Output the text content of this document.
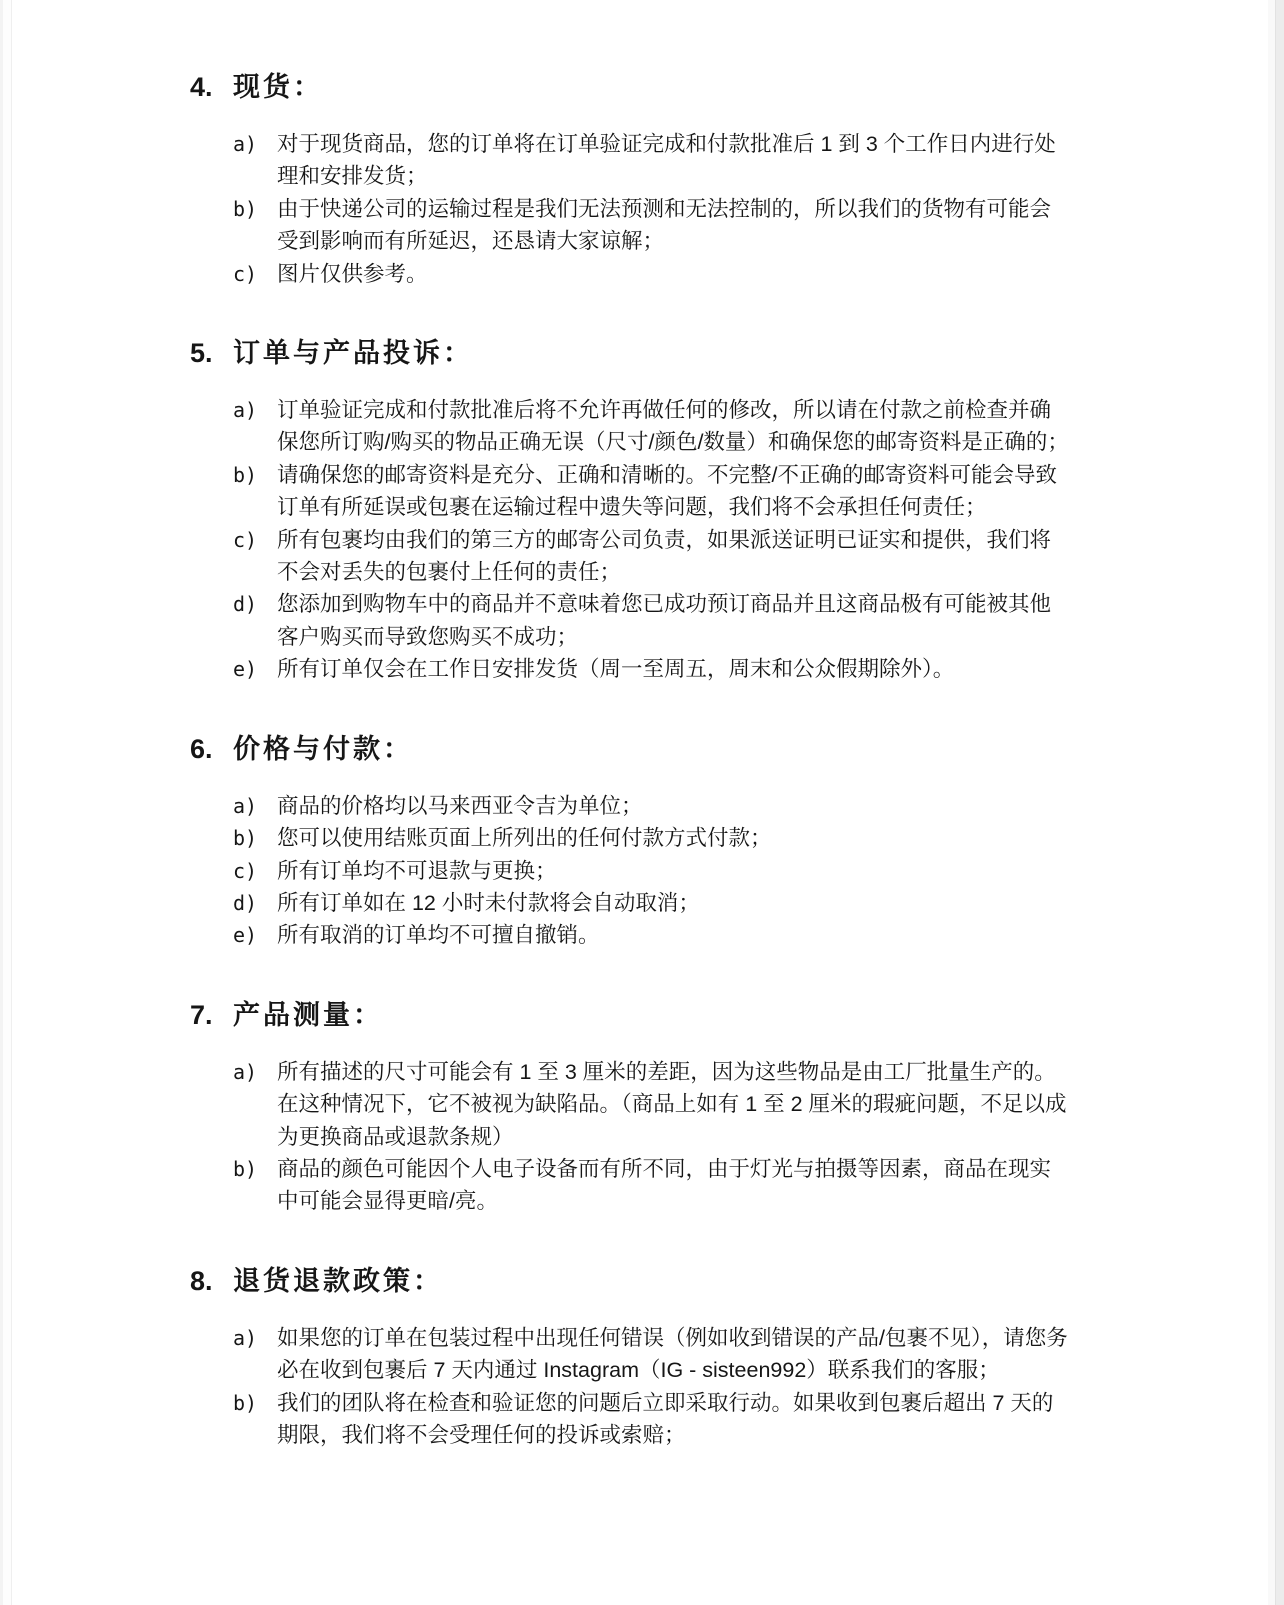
4. 现货：
a) 对于现货商品，您的订单将在订单验证完成和付款批准后 1 到 3 个工作日内进行处理和安排发货；
b) 由于快递公司的运输过程是我们无法预测和无法控制的，所以我们的货物有可能会受到影响而有所延迟，还恳请大家谅解；
c) 图片仅供参考。
5. 订单与产品投诉：
a) 订单验证完成和付款批准后将不允许再做任何的修改，所以请在付款之前检查并确保您所订购/购买的物品正确无误（尺寸/颜色/数量）和确保您的邮寄资料是正确的；
b) 请确保您的邮寄资料是充分、正确和清晰的。不完整/不正确的邮寄资料可能会导致订单有所延误或包裹在运输过程中遗失等问题，我们将不会承担任何责任；
c) 所有包裹均由我们的第三方的邮寄公司负责，如果派送证明已证实和提供，我们将不会对丢失的包裹付上任何的责任；
d) 您添加到购物车中的商品并不意味着您已成功预订商品并且这商品极有可能被其他客户购买而导致您购买不成功；
e) 所有订单仅会在工作日安排发货（周一至周五，周末和公众假期除外）。
6. 价格与付款：
a) 商品的价格均以马来西亚令吉为单位；
b) 您可以使用结账页面上所列出的任何付款方式付款；
c) 所有订单均不可退款与更换；
d) 所有订单如在 12 小时未付款将会自动取消；
e) 所有取消的订单均不可擅自撤销。
7. 产品测量：
a) 所有描述的尺寸可能会有 1 至 3 厘米的差距，因为这些物品是由工厂批量生产的。在这种情况下，它不被视为缺陷品。（商品上如有 1 至 2 厘米的瑕疵问题，不足以成为更换商品或退款条规）
b) 商品的颜色可能因个人电子设备而有所不同，由于灯光与拍摄等因素，商品在现实中可能会显得更暗/亮。
8. 退货退款政策：
a) 如果您的订单在包装过程中出现任何错误（例如收到错误的产品/包裹不见），请您务必在收到包裹后 7 天内通过 Instagram（IG - sisteen992）联系我们的客服；
b) 我们的团队将在检查和验证您的问题后立即采取行动。如果收到包裹后超出 7 天的期限，我们将不会受理任何的投诉或索赔；
